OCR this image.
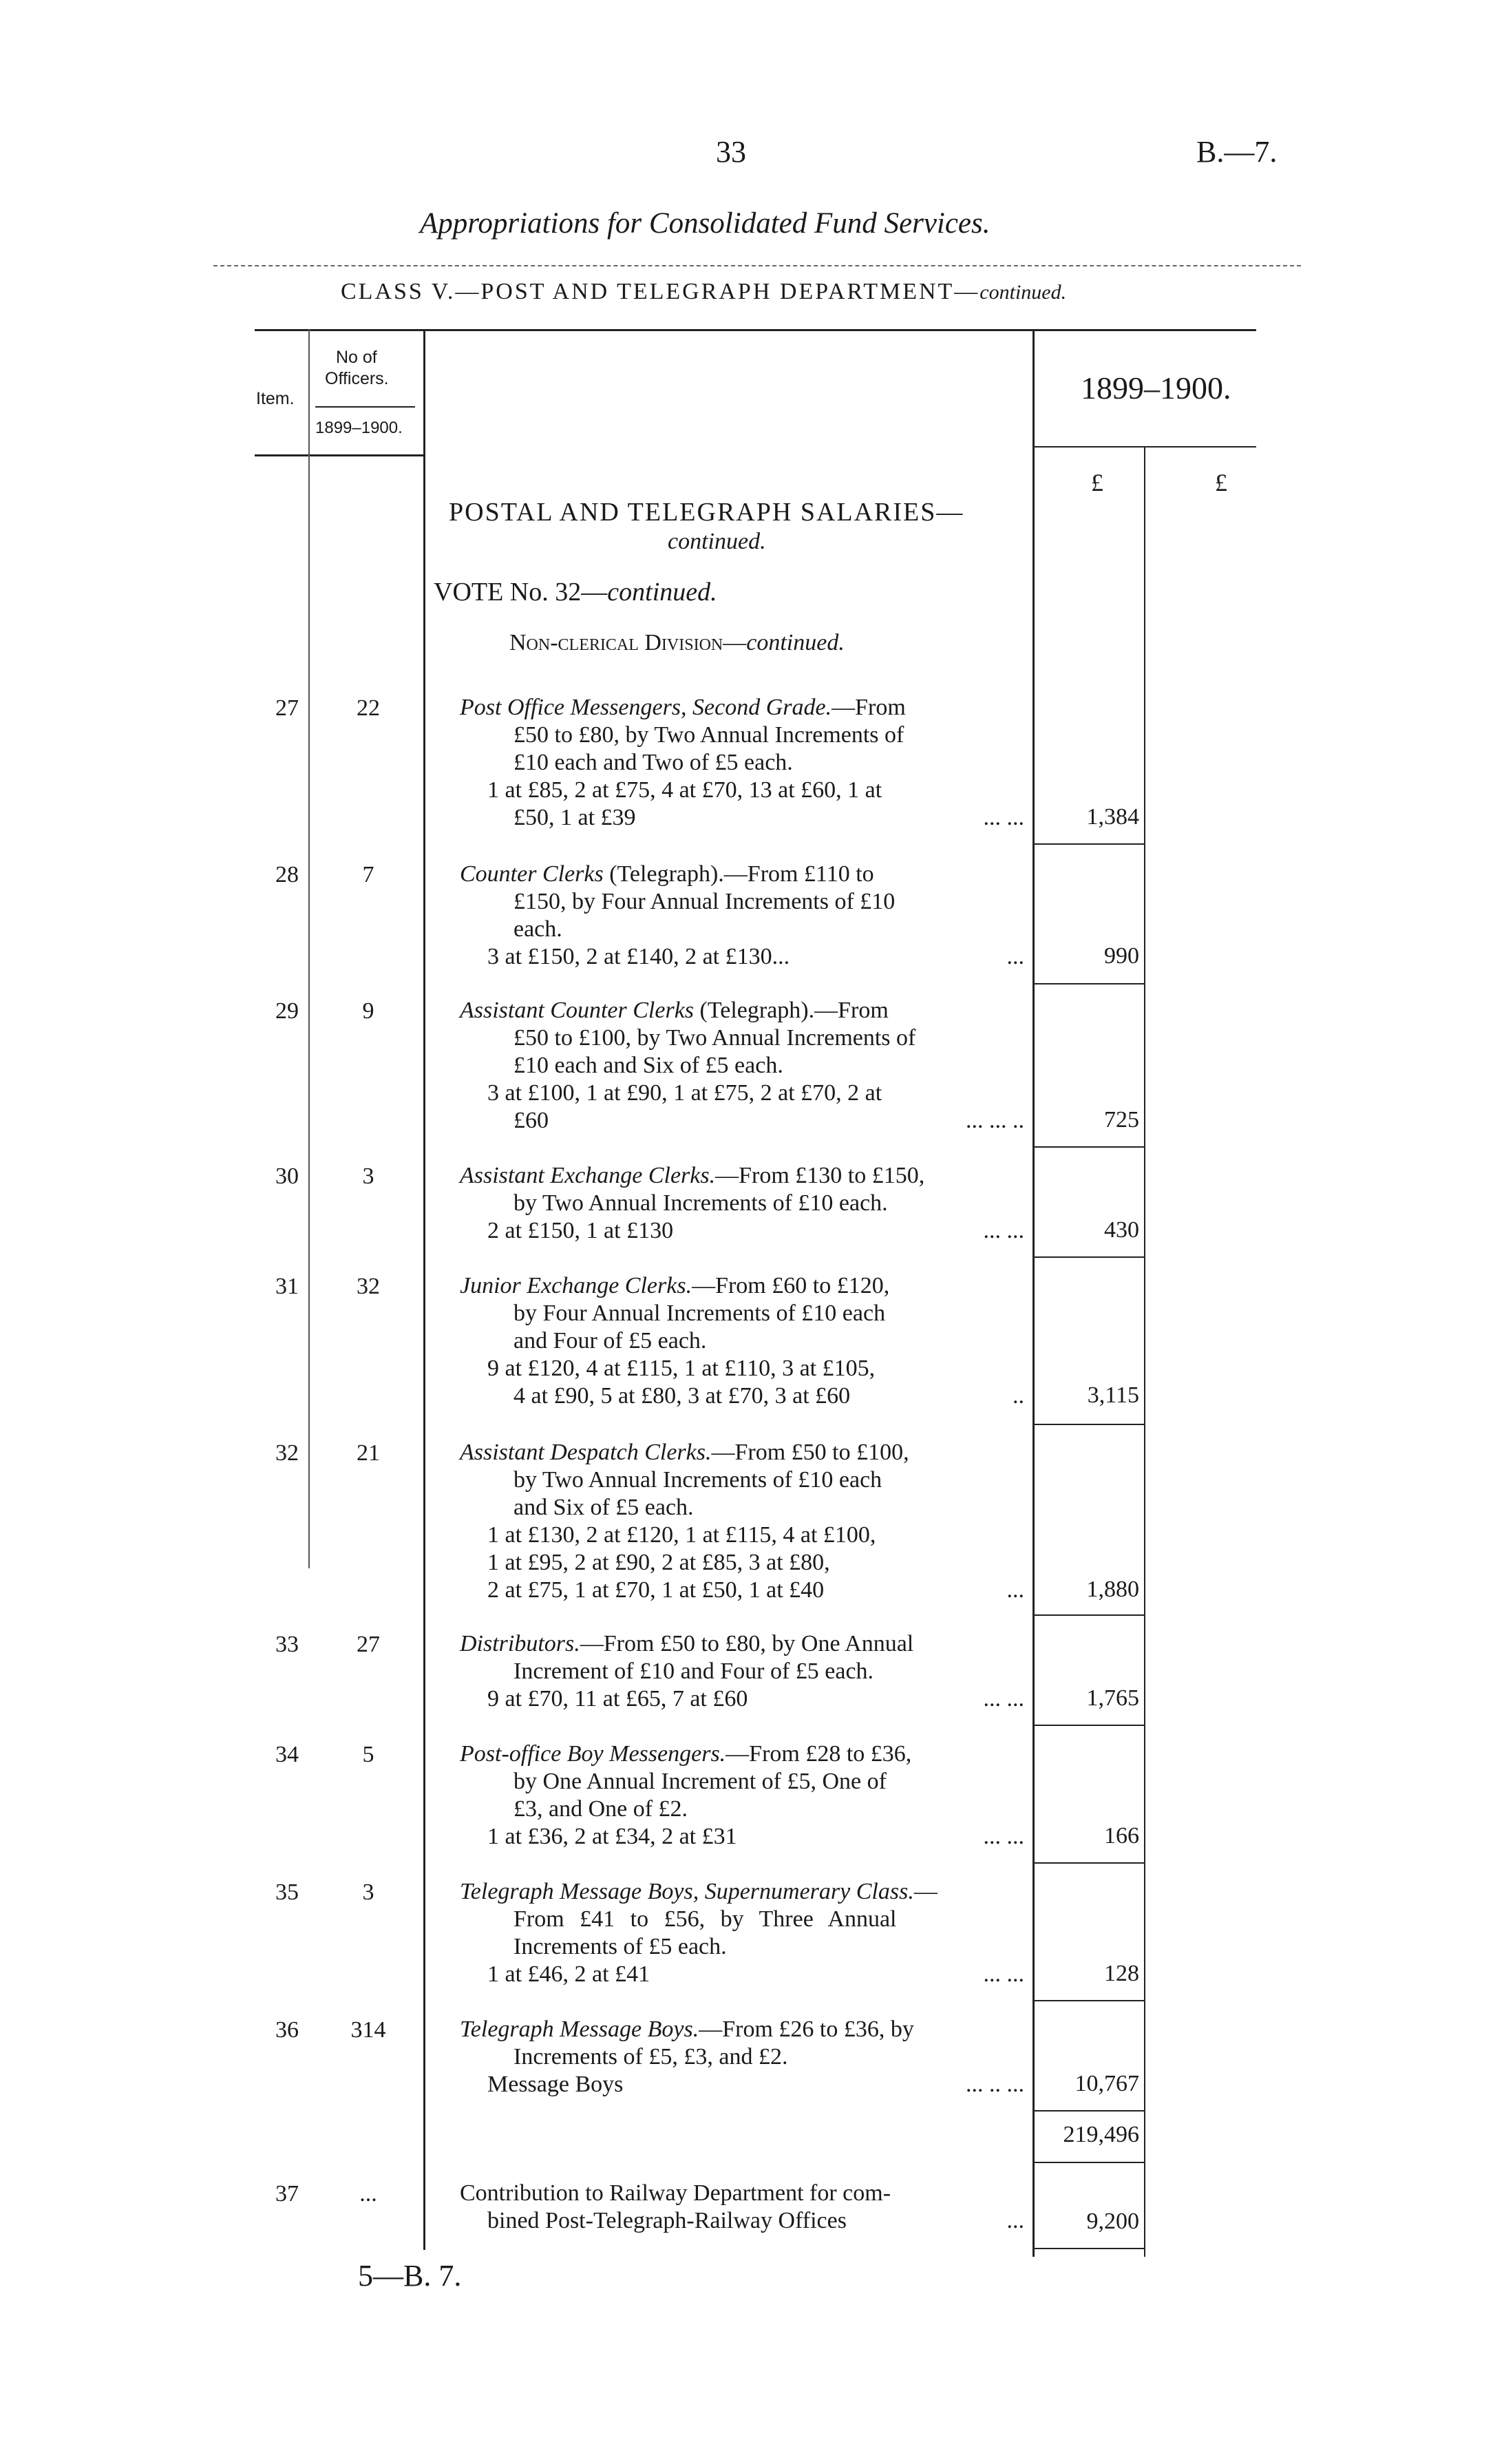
33	B.—7.
Appropriations for Consolidated Fund Services.
CLASS V.—POST AND TELEGRAPH DEPARTMENT—continued.
Item.
No of
Officers.
1899–1900.
1899–1900.
£	£
POSTAL AND TELEGRAPH SALARIES—
continued.
VOTE No. 32—continued.
Non-clerical Division—continued.
27	22	Post Office Messengers, Second Grade.—From
£50 to £80, by Two Annual Increments of
£10 each and Two of £5 each.
1 at £85, 2 at £75, 4 at £70, 13 at £60, 1 at
£50, 1 at £39	... ...	1,384
28	7	Counter Clerks (Telegraph).—From £110 to
£150, by Four Annual Increments of £10
each.
3 at £150, 2 at £140, 2 at £130...	...	990
29	9	Assistant Counter Clerks (Telegraph).—From
£50 to £100, by Two Annual Increments of
£10 each and Six of £5 each.
3 at £100, 1 at £90, 1 at £75, 2 at £70, 2 at
£60	... ... ..	725
30	3	Assistant Exchange Clerks.—From £130 to £150,
by Two Annual Increments of £10 each.
2 at £150, 1 at £130	... ...	430
31	32	Junior Exchange Clerks.—From £60 to £120,
by Four Annual Increments of £10 each
and Four of £5 each.
9 at £120, 4 at £115, 1 at £110, 3 at £105,
4 at £90, 5 at £80, 3 at £70, 3 at £60	..	3,115
32	21	Assistant Despatch Clerks.—From £50 to £100,
by Two Annual Increments of £10 each
and Six of £5 each.
1 at £130, 2 at £120, 1 at £115, 4 at £100,
1 at £95, 2 at £90, 2 at £85, 3 at £80,
2 at £75, 1 at £70, 1 at £50, 1 at £40	...	1,880
33	27	Distributors.—From £50 to £80, by One Annual
Increment of £10 and Four of £5 each.
9 at £70, 11 at £65, 7 at £60	... ...	1,765
34	5	Post-office Boy Messengers.—From £28 to £36,
by One Annual Increment of £5, One of
£3, and One of £2.
1 at £36, 2 at £34, 2 at £31	... ...	166
35	3	Telegraph Message Boys, Supernumerary Class.—
From £41 to £56, by Three Annual
Increments of £5 each.
1 at £46, 2 at £41	... ...	128
36	314	Telegraph Message Boys.—From £26 to £36, by
Increments of £5, £3, and £2.
Message Boys	... .. ...	10,767
219,496
37	...	Contribution to Railway Department for com-
bined Post-Telegraph-Railway Offices	...	9,200
5—B. 7.
